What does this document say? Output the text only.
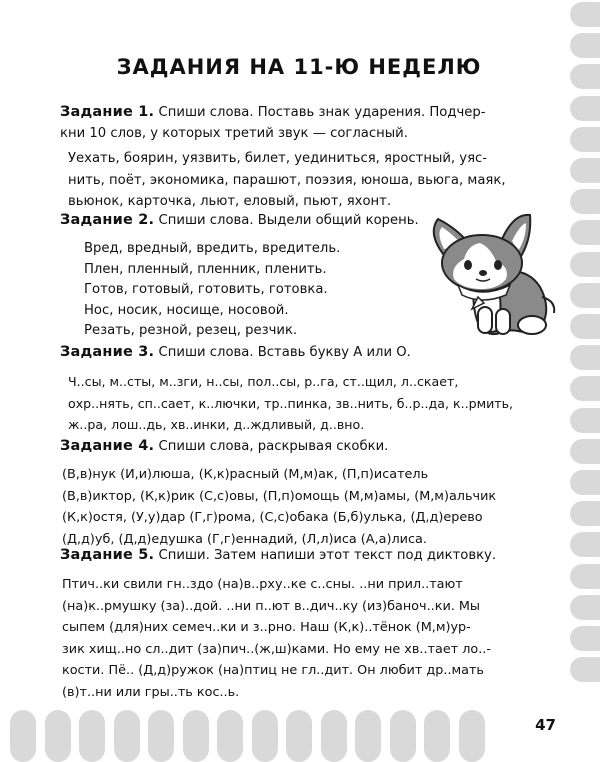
ЗАДАНИЯ НА 11-Ю НЕДЕЛЮ
Задание 1. Спиши слова. Поставь знак ударения. Подчер-
кни 10 слов, у которых третий звук — согласный.
Уехать, боярин, уязвить, билет, уединиться, яростный, уяс-
нить, поёт, экономика, парашют, поэзия, юноша, вьюга, маяк,
вьюнок, карточка, льют, еловый, пьют, яхонт.
Задание 2. Спиши слова. Выдели общий корень.
Вред, вредный, вредить, вредитель.
Плен, пленный, пленник, пленить.
Готов, готовый, готовить, готовка.
Нос, носик, носище, носовой.
Резать, резной, резец, резчик.
Задание 3. Спиши слова. Вставь букву А или О.
Ч..сы, м..сты, м..зги, н..сы, пол..сы, р..га, ст..щил, л..скает,
охр..нять, сп..сает, к..лючки, тр..пинка, зв..нить, б..р..да, к..рмить,
ж..ра, лош..дь, хв..инки, д..ждливый, д..вно.
Задание 4. Спиши слова, раскрывая скобки.
(В,в)нук (И,и)люша, (К,к)расный (М,м)ак, (П,п)исатель
(В,в)иктор, (К,к)рик (С,с)овы, (П,п)омощь (М,м)амы, (М,м)альчик
(К,к)остя, (У,у)дар (Г,г)рома, (С,с)обака (Б,б)улька, (Д,д)ерево
(Д,д)уб, (Д,д)едушка (Г,г)еннадий, (Л,л)иса (А,а)лиса.
Задание 5. Спиши. Затем напиши этот текст под диктовку.
Птич..ки свили гн..здо (на)в..рху..ке с..сны. ..ни прил..тают
(на)к..рмушку (за)..дой. ..ни п..ют в..дич..ку (из)баноч..ки. Мы
сыпем (для)них семеч..ки и з..рно. Наш (К,к)..тёнок (М,м)ур-
зик хищ..но сл..дит (за)пич..(ж,ш)ками. Но ему не хв..тает ло..-
кости. Пё.. (Д,д)ружок (на)птиц не гл..дит. Он любит др..мать
(в)т..ни или гры..ть кос..ь.
47
